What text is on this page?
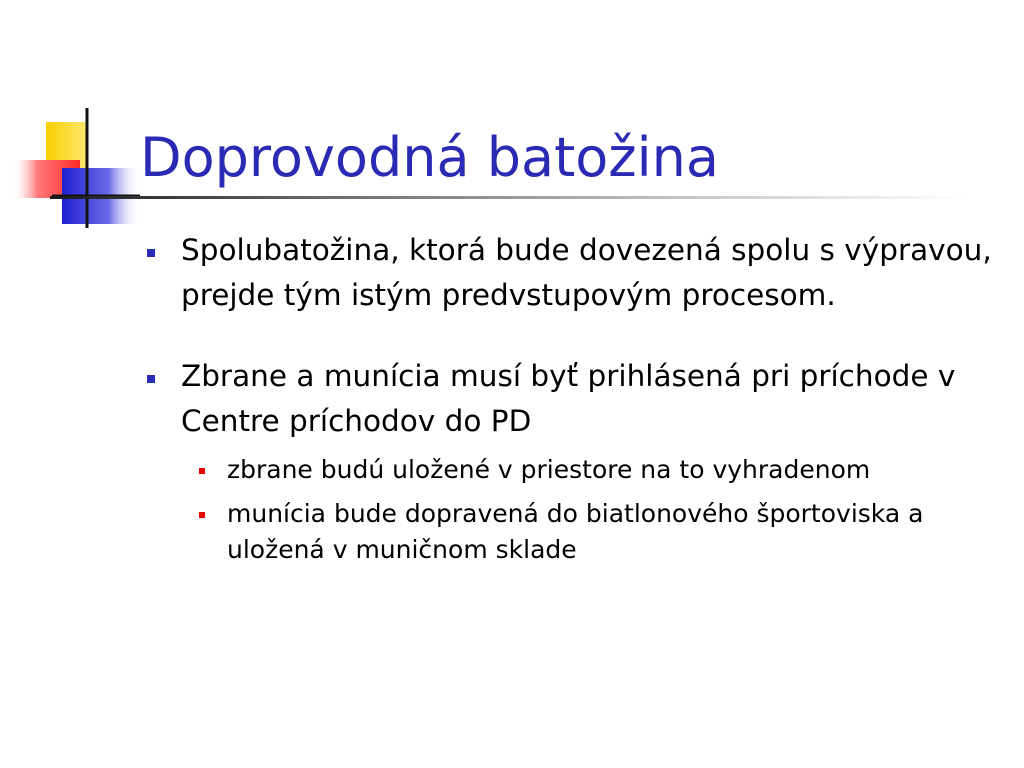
Doprovodná batožina
Spolubatožina, ktorá bude dovezená spolu s výpravou, prejde tým istým predvstupovým procesom.
Zbrane a munícia musí byť prihlásená pri príchode v Centre príchodov do PD
zbrane budú uložené v priestore na to vyhradenom
munícia bude dopravená do biatlonového športoviska a uložená v muničnom sklade
